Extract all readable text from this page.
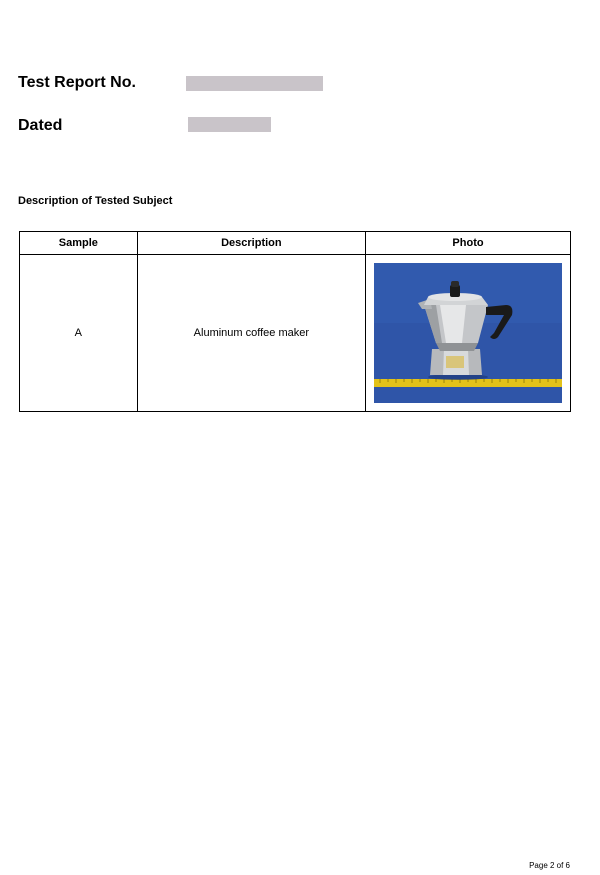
Test Report No.
Dated
Description of Tested Subject
Sample	Description	Photo
A	Aluminum coffee maker	
Page 2 of 6
